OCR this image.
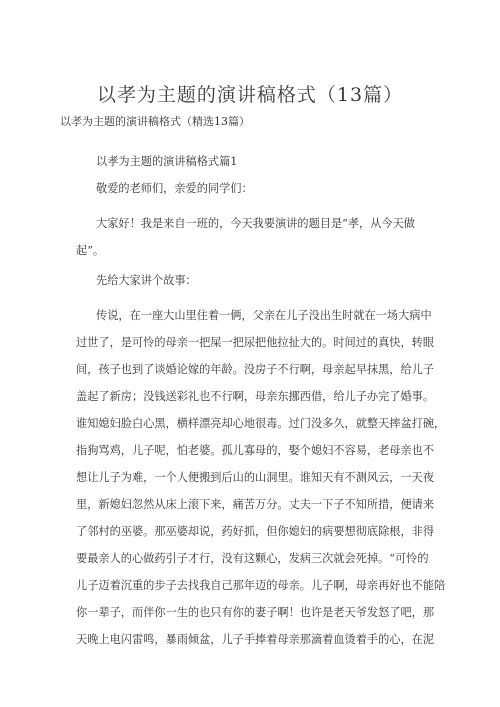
以孝为主题的演讲稿格式（13篇）
以孝为主题的演讲稿格式（精选13篇）
以孝为主题的演讲稿格式篇1
敬爱的老师们，亲爱的同学们：
大家好！我是来自一班的，今天我要演讲的题目是“孝，从今天做
起”。
先给大家讲个故事：
传说，在一座大山里住着一俩，父亲在儿子没出生时就在一场大病中
过世了，是可怜的母亲一把屎一把尿把他拉扯大的。时间过的真快，转眼
间，孩子也到了谈婚论嫁的年龄。没房子不行啊，母亲起早抹黑，给儿子
盖起了新房；没钱送彩礼也不行啊，母亲东挪西借，给儿子办完了婚事。
谁知媳妇脸白心黑，横样漂亮却心地很毒。过门没多久，就整天摔盆打碗，
指狗骂鸡，儿子呢，怕老婆。孤儿寡母的，娶个媳妇不容易，老母亲也不
想让儿子为难，一个人便搬到后山的山洞里。谁知天有不测风云，一天夜
里，新媳妇忽然从床上滚下来，痛苦万分。丈夫一下子不知所措，便请来
了邻村的巫婆。那巫婆却说，药好抓，但你媳妇的病要想彻底除根，非得
要最亲人的心做药引子才行，没有这颗心，发病三次就会死掉。“可怜的
儿子迈着沉重的步子去找我自己那年迈的母亲。儿子啊，母亲再好也不能陪
你一辈子，而伴你一生的也只有你的妻子啊！也许是老天爷发怒了吧，那
天晚上电闪雷鸣，暴雨倾盆，儿子手捧着母亲那滴着血烫着手的心，在泥
